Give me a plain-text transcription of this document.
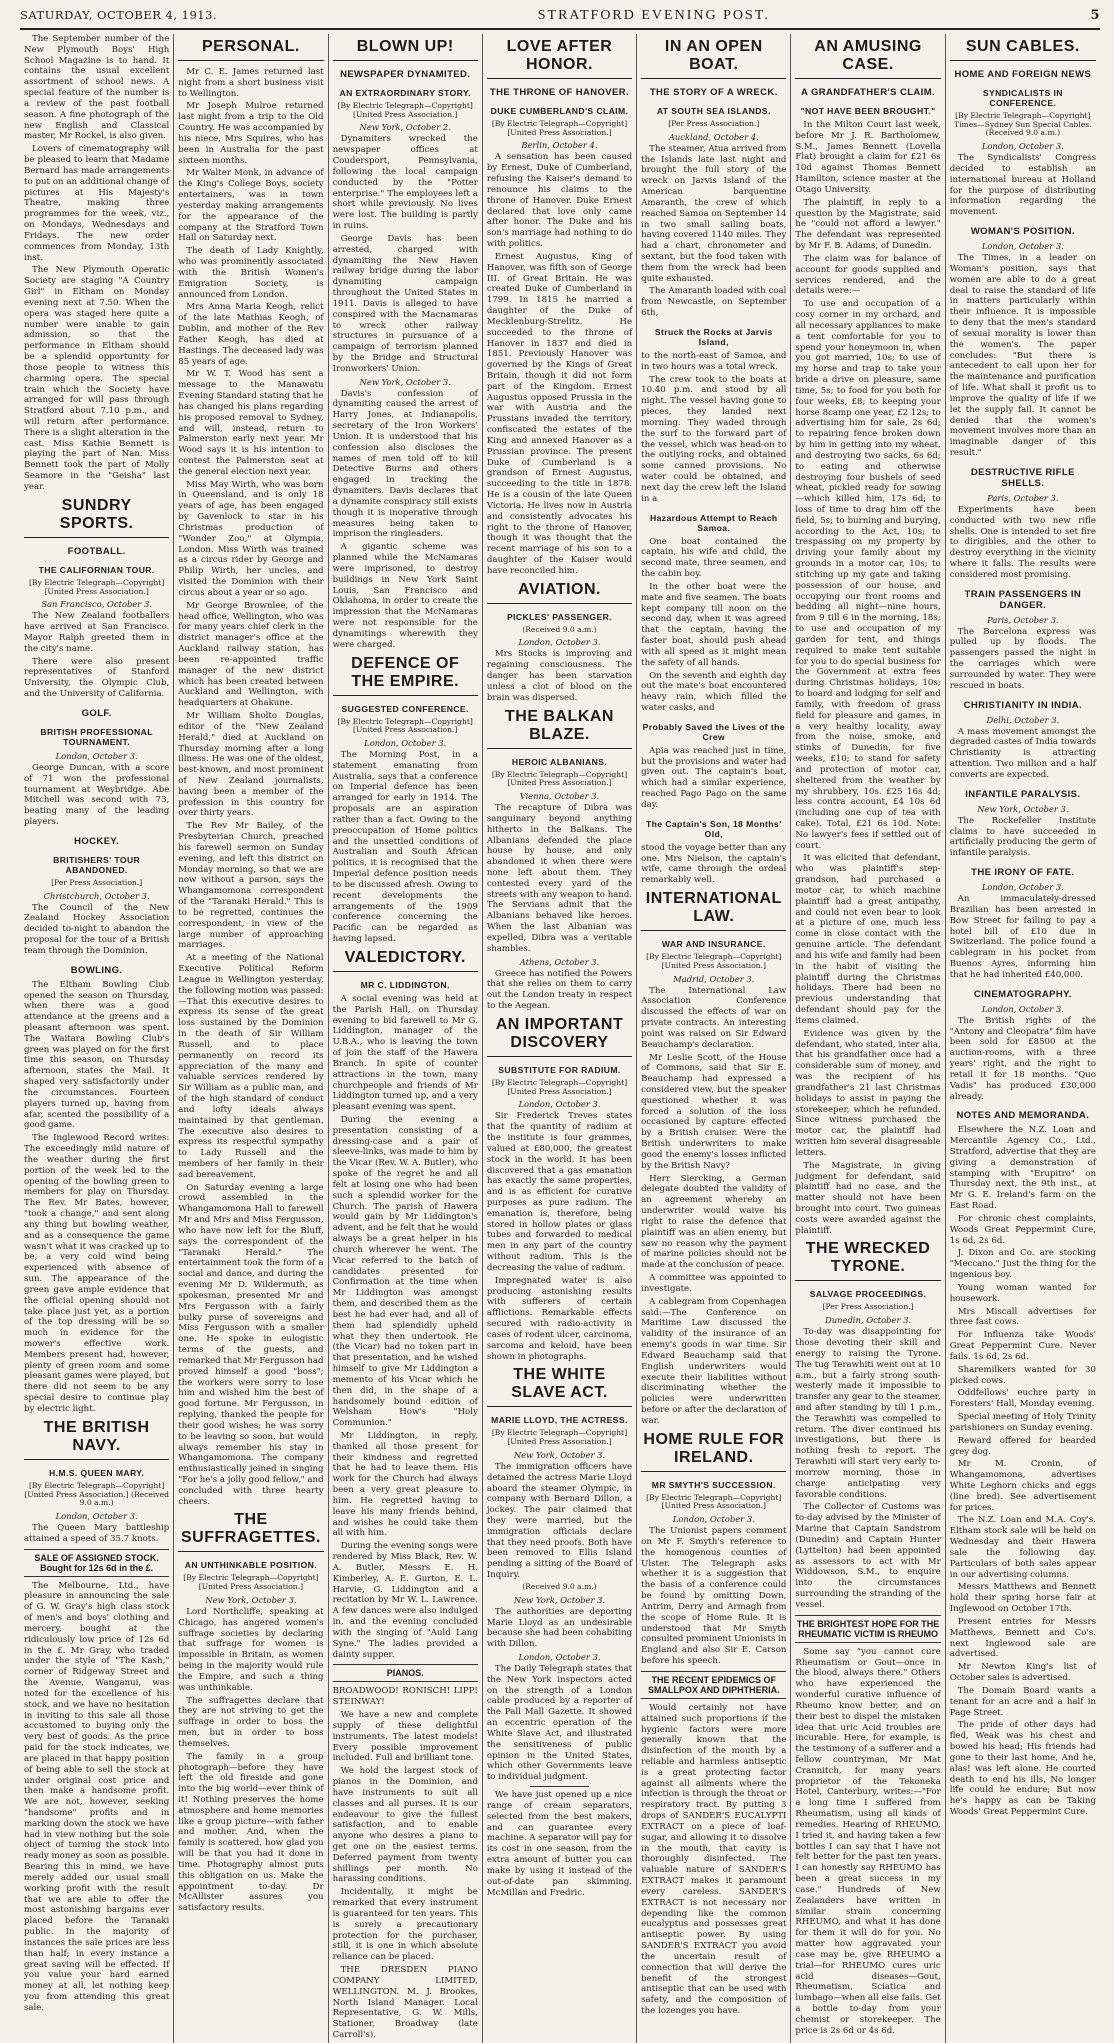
SATURDAY, OCTOBER 4, 1913.	STRATFORD EVENING POST.	5

The September number of the New Plymouth Boys' High School Magazine is to hand. It contains the usual excellent assortment of school news. A special feature of the number is a review of the past football season. A fine photograph of the new English and Classical master, Mr Rockel, is also given.

Lovers of cinematography will be pleased to learn that Madame Bernard has made arrangements to put on an additional change of pictures at His Majesty's Theatre, making three programmes for the week, viz., on Mondays, Wednesdays and Fridays. The new order commences from Monday, 13th inst.

The New Plymouth Operatic Society are staging "A Country Girl" in Eltham on Monday evening next at 7.50. When the opera was staged here quite a number were unable to gain admission, so that the performance in Eltham should be a splendid opportunity for those people to witness this charming opera. The special train which the Society have arranged for will pass through Stratford about 7.10 p.m., and will return after performance. There is a slight alteration in the cast. Miss Kathie Bennett is playing the part of Nan. Miss Bennett took the part of Molly Seamore in the "Geisha" last year.

SUNDRY SPORTS.
FOOTBALL.
THE CALIFORNIAN TOUR.
[By Electric Telegraph—Copyright] [United Press Association.]
San Francisco, October 3.

The New Zealand footballers have arrived at San Francisco. Mayor Ralph greeted them in the city's name.

There were also present representatives of Stanford University, the Olympic Club, and the University of California.

GOLF.
BRITISH PROFESSIONAL TOURNAMENT.
London, October 3.

George Duncan, with a score of 71 won the professional tournament at Weybridge. Abe Mitchell was second with 73, beating many of the leading players.

HOCKEY.
BRITISHERS' TOUR ABANDONED.
[Per Press Association.]
Christchurch, October 3.

The Council of the New Zealand Hockey Association decided to-night to abandon the proposal for the tour of a British team through the Dominion.

BOWLING.

The Eltham Bowling Club opened the season on Thursday, when there was a good attendance at the greens and a pleasant afternoon was spent. The Waitara Bowling Club's green was played on for the first time this season, on Thursday afternoon, states the Mail. It shaped very satisfactorily under the circumstances. Fourteen players turned up, having from afar, scented the possibility of a good game.

The Inglewood Record writes: The exceedingly mild nature of the weather during the first portion of the week led to the opening of the bowling green to members for play on Thursday. The Rev. Mr Bates, however, "took a change," and sent along any thing but bowling weather, and as a consequence the game wasn't what it was cracked up to be, a very cold wind being experienced with absence of sun. The appearance of the green gave ample evidence that the official opening should not take place just yet, as a portion of the top dressing will be so much in evidence for the mower's effective work. Members present had, however, plenty of green room and some pleasant games were played, but there did not seem to be any special desire to continue play by electric light.

THE BRITISH NAVY.
H.M.S. QUEEN MARY.
[By Electric Telegraph—Copyright] [United Press Association.] (Received 9.0 a.m.)
London, October 3.

The Queen Mary battleship attained a speed of 35.7 knots.

SALE OF ASSIGNED STOCK.
Bought for 12s 6d in the £.

The Melbourne, Ltd., have pleasure in announcing the sale of G. W. Gray's high class stock of men's and boys' clothing and mercery, bought at the ridiculously low price of 12s 6d in the £. Mr Gray, who traded under the style of "The Kash," corner of Ridgeway Street and the Avenue, Wanganui, was noted for the excellence of his stock, and we have no hesitation in inviting to this sale all those accustomed to buying only the very best of goods. As the price paid for the stock indicates, we are placed in that happy position of being able to sell the stock at under original cost price and then make a handsome profit. We are not, however, seeking "handsome" profits and in marking down the stock we have had in view nothing but the sole object of turning the stock into ready money as soon as possible. Bearing this in mind, we have merely added our usual small working profit with the result that we are able to offer the most astonishing bargains ever placed before the Taranaki public. In the majority of instances the sale prices are less than half; in every instance a great saving will be effected. If you value your hard earned money at all, let nothing keep you from attending this great sale.

PERSONAL.

Mr C. E. James returned last night from a short business visit to Wellington.

Mr Joseph Mulroe returned last night from a trip to the Old Country. He was accompanied by his niece, Mrs Squires, who has been in Australia for the past sixteen months.

Mr Walter Monk, in advance of the King's College Boys, society entertainers, was in town yesterday making arrangements for the appearance of the company at the Stratford Town Hall on Saturday next.

The death of Lady Knightly, who was prominently associated with the British Women's Emigration Society, is announced from London.

Mrs Anna Maria Keogh, relict of the late Mathias Keogh, of Dublin, and mother of the Rev Father Keogh, has died at Hastings. The deceased lady was 85 years of age.

Mr W. T. Wood has sent a message to the Manawatu Evening Standard stating that he has changed his plans regarding his proposed removal to Sydney, and will, instead, return to Palmerston early next year. Mr Wood says it is his intention to contest the Palmerston seat at the general election next year.

Miss May Wirth, who was born in Queensland, and is only 18 years of age, has been engaged by Gavenlock to star in his Christmas production of "Wonder Zoo," at Olympia, London. Miss Wirth was trained as a circus rider by George and Philip Wirth, her uncles, and visited the Dominion with their circus about a year or so ago.

Mr George Brownlee, of the head office, Wellington, who was for many years chief clerk in the district manager's office at the Auckland railway station, has been re-appointed traffic manager of the new district which has been created between Auckland and Wellington, with headquarters at Ohakune.

Mr William Sholto Douglas, editor of the "New Zealand Herald," died at Auckland on Thursday morning after a long illness. He was one of the oldest, best-known, and most prominent of New Zealand journalists, having been a member of the profession in this country for over thirty years.

The Rev Mr Bailey, of the Presbyterian Church, preached his farewell sermon on Sunday evening, and left this district on Monday morning, so that we are now without a parson, says the Whangamomona correspondent of the "Taranaki Herald." This is to be regretted, continues the correspondent, in view of the large number of approaching marriages.

At a meeting of the National Executive Political Reform League in Wellington yesterday, the following motion was passed:—That this executive desires to express its sense of the great loss sustained by the Dominion in the death of Sir William Russell, and to place permanently on record its appreciation of the many and valuable services rendered by Sir William as a public man, and of the high standard of conduct and lofty ideals always maintained by that gentleman. The executive also desires to express its respectful sympathy to Lady Russell and the members of her family in their sad bereavement.

On Saturday evening a large crowd assembled in the Whangamomona Hall to farewell Mr and Mrs and Miss Fergusson, who have now left for the Bluff, says the correspondent of the "Taranaki Herald." The entertainment took the form of a social and dance, and during the evening Mr D. Wildermuth, as spokesman, presented Mr and Mrs Fergusson with a fairly bulky purse of sovereigns and Miss Fergusson with a smaller one. He spoke in eulogistic terms of the guests, and remarked that Mr Fergusson had proved himself a good "boss"; the workers were sorry to lose him and wished him the best of good fortune. Mr Fergusson, in replying, thanked the people for their good wishes; he was sorry to be leaving so soon, but would always remember his stay in Whangamomona. The company enthusiastically joined in singing "For he's a jolly good fellow," and concluded with three hearty cheers.

THE SUFFRAGETTES.
AN UNTHINKABLE POSITION.
[By Electric Telegraph—Copyright] [United Press Association.]
New York, October 3.

Lord Northcliffe, speaking at Chicago, has angered women's suffrage societies by declaring that suffrage for women is impossible in Britain, as women being in the majority would rule the Empire, and such a thing was unthinkable.

The suffragettes declare that they are not striving to get the suffrage in order to boss the men, but in order to boss themselves.

The family in a group photograph—before they have left the old fireside and gone into the big world—ever think of it! Nothing preserves the home atmosphere and home memories like a group picture—with father and mother. And, when the family is scattered, how glad you will be that you had it done in time. Photography almost puts this obligation on us. Make the appointment to-day. Dr McAllister assures you satisfactory results.

BLOWN UP!
NEWSPAPER DYNAMITED.
AN EXTRAORDINARY STORY.
[By Electric Telegraph—Copyright] [United Press Association.]
New York, October 2.

Dynamiters wrecked the newspaper offices at Coudersport, Pennsylvania, following the local campaign conducted by the "Potter enterprise." The employees left a short while previously. No lives were lost. The building is partly in ruins.

George Davis has been arrested, charged with dynamiting the New Haven railway bridge during the labor dynamiting campaign throughout the United States in 1911. Davis is alleged to have conspired with the Macnamaras to wreck other railway structures in pursuance of a campaign of terrorism planned by the Bridge and Structural Ironworkers' Union.

New York, October 3.

Davis's confession of dynamiting caused the arrest of Harry Jones, at Indianapolis, secretary of the Iron Workers' Union. It is understood that his confession also discloses the names of men told off to kill Detective Burns and others engaged in tracking the dynamiters. Davis declares that a dynamite conspiracy still exists though it is inoperative through measures being taken to imprison the ringleaders.

A gigantic scheme was planned while the McNamaras were imprisoned, to destroy buildings in New York Saint Louis, San Francisco and Oklahoma, in order to create the impression that the McNamaras were not responsible for the dynamitings wherewith they were charged.

DEFENCE OF THE EMPIRE.
SUGGESTED CONFERENCE.
[By Electric Telegraph—Copyright] [United Press Association.]
London, October 3.

The Morning Post, in a statement emanating from Australia, says that a conference on Imperial defence has been arranged for early in 1914. The proposals are an aspiration rather than a fact. Owing to the preoccupation of Home politics and the unsettled conditions of Australian and South African politics, it is recognised that the Imperial defence position needs to be discussed afresh. Owing to recent developments the arrangements of the 1909 conference concerning the Pacific can be regarded as having lapsed.

VALEDICTORY.
MR C. LIDDINGTON.

A social evening was held at the Parish Hall, on Thursday evening to bid farewell to Mr G. Liddington, manager of the U.B.A., who is leaving the town of join the staff of the Hawera Branch. In spite of counter attractions in the town, many churchpeople and friends of Mr Liddington turned up, and a very pleasant evening was spent.

During the evening a presentation consisting of a dressing-case and a pair of sleeve-links, was made to him by the Vicar (Rev. W. A. Butler), who spoke of the regret he and all felt at losing one who had been such a splendid worker for the Church. The parish of Hawera would gain by Mr Liddington's advent, and he felt that he would always be a great helper in his church wherever he went. The Vicar referred to the batch of candidates presented for Confirmation at the time when Mr Liddington was amongst them, and described them as the best he had ever had, and all of them had splendidly upheld what they then undertook. He (the Vicar) had no token part in that presentation, and he wished himself to give Mr Liddington a memento of his Vicar which he then did, in the shape of a handsomely bound edition of Welsham How's "Holy Communion."

Mr Liddington, in reply, thanked all those present for their kindness and regretted that he had to leave them. His work for the Church had always been a very great pleasure to him. He regretted having to leave his many friends behind, and wishes he could take them all with him.

During the evening songs were rendered by Miss Black, Rev. W. A. Butler, Messrs E. H. Kimberley, A. E. Gurton, E. L. Harvie, G. Liddington and a recitation by Mr W. L. Lawrence. A few dances were also indulged in, and the evening concluded with the singing of "Auld Lang Syne." The ladies provided a dainty supper.

PIANOS.

BROADWOOD! RONISCH! LIPP! STEINWAY!

We have a new and complete supply of these delightful instruments. The latest models! Every possible improvement included. Full and brilliant tone.

We hold the largest stock of pianos in the Dominion, and have instruments to suit all classes and all purses. It is our endeavour to give the fullest satisfaction, and to enable anyone who desires a piano to get one on the easiest terms. Deferred payment from twenty shillings per month. No harassing conditions.

Incidentally, it might be remarked that every instrument is guaranteed for ten years. This is surely a precautionary protection for the purchaser, still, it is one in which absolute reliance can be placed.

THE DRESDEN PIANO COMPANY LIMITED, WELLINGTON. M. J. Brookes, North Island Manager. Local Representative, G. W. Mills, Stationer, Broadway (late Carroll's).

LOVE AFTER HONOR.
THE THRONE OF HANOVER.
DUKE CUMBERLAND'S CLAIM.
[By Electric Telegraph—Copyright] [United Press Association.]
Berlin, October 4.

A sensation has been caused by Ernest, Duke of Cumberland, refusing the Kaiser's demand to renounce his claims to the throne of Hanover. Duke Ernest declared that love only came after honor. The Duke and his son's marriage had nothing to do with politics.

Ernest Augustus, King of Hanover, was fifth son of George III. of Great Britain. He was created Duke of Cumberland in 1799. In 1815 he married a daughter of the Duke of Mecklenburg-Strelitz. He succeeded to the throne of Hanover in 1837 and died in 1851. Previously Hanover was governed by the Kings of Great Britain, though it did not form part of the Kingdom. Ernest Augustus opposed Prussia in the war with Austria and the Prussians invaded the territory, confiscated the estates of the King and annexed Hanover as a Prussian province. The present Duke of Cumberland is a grandson of Ernest Augustus, succeeding to the title in 1878. He is a cousin of the late Queen Victoria. He lives now in Austria and consistently advocates his right to the throne of Hanover, though it was thought that the recent marriage of his son to a daughter of the Kaiser would have reconciled him.

AVIATION.
PICKLES' PASSENGER.
(Received 9.0 a.m.)
London, October 3.

Mrs Stocks is improving and regaining consciousness. The danger has been starvation unless a clot of blood on the brain was dispersed.

THE BALKAN BLAZE.
HEROIC ALBANIANS.
[By Electric Telegraph—Copyright] [United Press Association.]
Vienna, October 3.

The recapture of Dibra was sanguinary beyond anything hitherto in the Balkans. The Albanians defended the place house by house, and only abandoned it when there were none left about them. They contested every yard of the streets with any weapon to hand. The Servians admit that the Albanians behaved like heroes. When the last Albanian was expelled, Dibra was a veritable shambles.

Athens, October 3.

Greece has notified the Powers that she relies on them to carry out the London treaty in respect to the Aegean.

AN IMPORTANT DISCOVERY
SUBSTITUTE FOR RADIUM.
[By Electric Telegraph—Copyright] [United Press Association.]
London, October 3.

Sir Frederick Treves states that the quantity of radium at the institute is four grammes, valued at £80,000, the greatest stock in the world. It has been discovered that a gas emanation has exactly the same properties, and is as efficient for curative purposes as pure radium. The emanation is, therefore, being stored in hollow plates or glass tubes and forwarded to medical men in any part of the country without radium. This is the decreasing the value of radium.

Impregnated water is also producing astonishing results with sufferers of certain afflictions. Remarkable effects secured with radio-activity in cases of rodent ulcer, carcinoma, sarcoma and keloid, have been shown in photographs.

THE WHITE SLAVE ACT.
MARIE LLOYD, THE ACTRESS.
[By Electric Telegraph—Copyright] [United Press Association.]
New York, October 3.

The immigration officers have detained the actress Marie Lloyd aboard the steamer Olympic, in company with Bernard Dillon, a jockey. The pair claimed that they were married, but the immigration officials declare that they need proofs. Both have been removed to Ellis Island pending a sitting of the Board of Inquiry.

(Received 9.0 a.m.)
New York, October 3.

The authorities are deporting Marie Lloyd as an undesirable because she had been cohabiting with Dillon.

London, October 3.

The Daily Telegraph states that the New York inspectors acted on the strength of a London cable produced by a reporter of the Pall Mall Gazette. It showed an eccentric operation of the White Slave Act, and illustrated the sensitiveness of public opinion in the United States, which other Governments leave to individual judgment.

We have just opened up a nice range of cream separators, selected from the best makers, and can guarantee every machine. A separator will pay for its cost in one season, from the extra amount of butter you can make by using it instead of the out-of-date pan skimming. McMillan and Fredric.

IN AN OPEN BOAT.
THE STORY OF A WRECK.
AT SOUTH SEA ISLANDS.
[Per Press Association.]
Auckland, October 4.

The steamer, Atua arrived from the Islands late last night and brought the full story of the wreck on Jarvis Island of the American barquentine Amaranth, the crew of which reached Samoa on September 14 in two small sailing boats, having covered 1140 miles. They had a chart, chronometer and sextant, but the food taken with them from the wreck had been quite exhausted.

The Amaranth loaded with coal from Newcastle, on September 6th,

Struck the Rocks at Jarvis Island,

to the north-east of Samoa, and in two hours was a total wreck.

The crew took to the boats at 10.40 p.m. and stood by all night. The vessel having gone to pieces, they landed next morning. They waded through the surf to the forward part of the vessel, which was head-on to the outlying rocks, and obtained some canned provisions. No water could be obtained, and next day the crew left the Island in a

Hazardous Attempt to Reach Samoa.

One boat contained the captain, his wife and child, the second mate, three seamen, and the cabin boy.

In the other boat were the mate and five seamen. The boats kept company till noon on the second day, when it was agreed that the captain, having the faster boat, should push ahead with all speed as it might mean the safety of all hands.

On the seventh and eighth day out the mate's boat encountered heavy rain, which filled the water casks, and

Probably Saved the Lives of the Crew

Apia was reached just in time, but the provisions and water had given out. The captain's boat, which had a similar experience, reached Pago Pago on the same day.

The Captain's Son, 18 Months' Old,

stood the voyage better than any one. Mrs Nielson, the captain's wife, came through the ordeal remarkably well.

INTERNATIONAL LAW.
WAR AND INSURANCE.
[By Electric Telegraph—Copyright] [United Press Association.]
Madrid, October 3.

The International Law Association Conference discussed the effects of war on private contracts. An interesting point was raised on Sir Edward Beauchamp's declaration.

Mr Leslie Scott, of the House of Commons, said that Sir E. Beauchamp had expressed a considered view, but the speaker questioned whether it was forced a solution of the loss occasioned by capture effected by a British cruiser. Were the British underwriters to make good the enemy's losses inflicted by the British Navy?

Herr Siercking, a German delegate doubted the validity of an agreement whereby an underwriter would waive his right to raise the defence that plaintiff was an alien enemy, but saw no reason why the payment of marine policies should not be made at the conclusion of peace.

A committee was appointed to investigate.

A cablegram from Copenhagen said:—The Conference on Maritime Law discussed the validity of the insurance of an enemy's goods in war time. Sir Edward Beauchamp said that English underwriters would execute their liabilities without discriminating whether the policies were underwritten before or after the declaration of war.

HOME RULE FOR IRELAND.
MR SMYTH'S SUCCESSION.
[By Electric Telegraph—Copyright] [United Press Association.]
London, October 3.

The Unionist papers comment on Mr F. Smyth's reference to the homogenous counties of Ulster. The Telegraph asks whether it is a suggestion that the basis of a conference could be found by omitting Down, Antrim, Derry and Armagh from the scope of Home Rule. It is understood that Mr Smyth consulted prominent Unionists in England and also Sir E. Carson before his speech.

THE RECENT EPIDEMICS OF SMALLPOX AND DIPHTHERIA.

Would certainly not have attained such proportions if the hygienic factors were more generally known that the disinfection of the mouth by a reliable and harmless antiseptic is a great protecting factor against all ailments where the infection is through the throat or respiratory tract. By putting 3 drops of SANDER'S EUCALYPTI EXTRACT on a piece of loaf-sugar, and allowing it to dissolve in the mouth, that cavity is thoroughly disinfected. The valuable nature of SANDER'S EXTRACT makes it paramount every careless. SANDER'S EXTRACT is not necessary nor depending like the common eucalyptus and possesses great antiseptic power. By using SANDER'S EXTRACT you avoid the uncertain result of connection that will derive the benefit of the strongest antiseptic that can be used with safety, and the composition of the lozenges you have.

AN AMUSING CASE.
A GRANDFATHER'S CLAIM.
"NOT HAVE BEEN BROUGHT."

In the Milton Court last week, before Mr J. R. Bartholomew, S.M., James Bennett (Lovella Flat) brought a claim for £21 6s 10d against Thomas Bennett Hamilton, science master at the Otago University.

The plaintiff, in reply to a question by the Magistrate, said he "could not afford a lawyer." The defendant was represented by Mr F. B. Adams, of Dunedin.

The claim was for balance of account for goods supplied and services rendered, and the details were:—

To use and occupation of a cosy corner in my orchard, and all necessary appliances to make a tent comfortable for you to spend your honeymoon in, when you got married, 10s; to use of my horse and trap to take your bride a drive on pleasure, same time, 5s; to food for you both for four weeks, £8; to keeping your horse 8camp one year, £2 12s; to advertising him for sale, 2s 6d; to repairing fence broken down by him in getting into my wheat, and destroying two sacks, 6s 6d; to eating and otherwise destroying four bushels of seed wheat, pickled ready for sowing—which killed him, 17s 6d; to loss of time to drag him off the field, 5s; to burning and burying, according to the Act, 10s; to trespassing on my property by driving your family about my grounds in a motor car, 10s; to stitching up my gate and taking possession of our house, and occupying our front rooms and bedding all night—nine hours, from 9 till 6 in the morning, 18s; to use and occupation of my garden for tent, and things required to make tent suitable for you to do special business for the Government at extra fees during Christmas holidays, 10s; to board and lodging for self and family, with freedom of grass field for pleasure and games, in a very healthy locality, away from the noise, smoke, and stinks of Dunedin, for five weeks, £10; to stand for safety and protection of motor car, sheltered from the weather by my shrubbery, 10s. £25 16s 4d; less contra account, £4 10s 6d (including one cup of tea with cake). Total, £21 6s 10d. Note: No lawyer's fees if settled out of court.

It was elicited that defendant, who was plaintiff's step-grandson, had purchased a motor car, to which machine plaintiff had a great antipathy, and could not even bear to look at a picture of one, much less come in close contact with the genuine article. The defendant and his wife and family had been in the habit of visiting the plaintiff during the Christmas holidays. There had been no previous understanding that defendant should pay for the items claimed.

Evidence was given by the defendant, who stated, inter alia, that his grandfather once had a considerable sum of money, and was the recipient of his grandfather's 21 last Christmas holidays to assist in paying the storekeeper, which he refunded. Since witness purchased the motor car, the plaintiff had written him several disagreeable letters.

The Magistrate, in giving judgment for defendant, said plaintiff had no case, and the matter should not have been brought into court. Two guineas costs were awarded against the plaintiff.

THE WRECKED TYRONE.
SALVAGE PROCEEDINGS.
[Per Press Association.]
Dunedin, October 3.

To-day was disappointing for those devoting their skill and energy to raising the Tyrone. The tug Terawhiti went out at 10 a.m., but a fairly strong south-westerly made it impossible to transfer any gear to the steamer, and after standing by till 1 p.m., the Terawhiti was compelled to return. The diver continued his investigations, but there is nothing fresh to report. The Terawhiti will start very early to-morrow morning, those in charge anticipating very favorable conditions.

The Collector of Customs was to-day advised by the Minister of Marine that Captain Sandstrom (Dunedin) and Captain Hunter (Lyttelton) had been appointed as assessors to act with Mr Widdowson, S.M., to enquire into the circumstances surrounding the stranding of the vessel.

THE BRIGHTEST HOPE FOR THE RHEUMATIC VICTIM IS RHEUMO

Some say "you cannot cure Rheumatism or Gout—once in the blood, always there." Others who have experienced the wonderful curative influence of Rheumo know better, and on their best to dispel the mistaken idea that uric Acid troubles are incurable. Here, for example, is the testimony of a sufferer and a fellow countryman, Mr Mat Crannitch, for many years proprietor of the Tekoneka Hotel, Canterbury, writes:—"For a long time I suffered from Rheumatism, using all kinds of remedies. Hearing of RHEUMO, I tried it, and having taken a few bottles I can say that I have not felt better for the past ten years. I can honestly say RHEUMO has been a great success in my case." Hundreds of New Zealanders have written in similar strain concerning RHEUMO, and what it has done for them it will do for you. No matter how aggravated your case may be, give RHEUMO a trial—for RHEUMO cures uric acid diseases—Gout, Rheumatism, Sciatica and lumbago—when all else fails. Get a bottle to-day from your chemist or storekeeper. The price is 2s 6d or 4s 6d.

SUN CABLES.
HOME AND FOREIGN NEWS
SYNDICALISTS IN CONFERENCE.
[By Electric Telegraph—Copyright] Times—Sydney Sun Special Cables. (Received 9.0 a.m.)
London, October 3.

The Syndicalists' Congress decided to establish an international bureau at Holland for the purpose of distributing information regarding the movement.

WOMAN'S POSITION.
London, October 3.

The Times, in a leader on Woman's position, says that women are able to do a great deal to raise the standard of life in matters particularly within their influence. It is impossible to deny that the men's standard of sexual morality is lower than the women's. The paper concludes: "But there is antecedent to call upon her for the maintenance and purification of life. What shall it profit us to improve the quality of life if we let the supply fail. It cannot be denied that the women's movement involves more than an imaginable danger of this result."

DESTRUCTIVE RIFLE SHELLS.
Paris, October 3.

Experiments have been conducted with two new rifle shells. One is intended to set fire to dirigibles, and the other to destroy everything in the vicinity where it falls. The results were considered most promising.

TRAIN PASSENGERS IN DANGER.
Paris, October 3.

The Barcelona express was pulled up by floods. The passengers passed the night in the carriages which were surrounded by water. They were rescued in boats.

CHRISTIANITY IN INDIA.
Delhi, October 3.

A mass movement amongst the degraded castes of India towards Christianity is attracting attention. Two million and a half converts are expected.

INFANTILE PARALYSIS.
New York, October 3.

The Rockefeller Institute claims to have succeeded in artificially producing the germ of infantile paralysis.

THE IRONY OF FATE.
London, October 3.

An immaculately-dressed Brazilian has been arrested in Bow Street for failing to pay a hotel bill of £10 due in Switzerland. The police found a cablegram in his pocket from Buenos Ayres, informing him that he had inherited £40,000.

CINEMATOGRAPHY.
London, October 3.

The British rights of the "Antony and Cleopatra" film have been sold for £8500 at the auction-rooms, with a three years' right, and the right to retail it for 18 months. "Quo Vadis" has produced £30,000 already.

NOTES AND MEMORANDA.

Elsewhere the N.Z. Loan and Mercantile Agency Co., Ltd., Stratford, advertise that they are giving a demonstration of stamping with "Erupitro" on Thursday next, the 9th inst., at Mr G. E. Ireland's farm on the East Road.

For chronic chest complaints, Woods Great Peppermint Cure, 1s 6d, 2s 6d.

J. Dixon and Co. are stocking "Meccano." Just the thing for the ingenious boy.

Young woman wanted for housework.

Mrs Miscall advertises for three fast cows.

For Influenza take Woods' Great Peppermint Cure. Never fails. 1s 6d, 2s 6d.

Sharemilkers wanted for 30 picked cows.

Oddfellows' euchre party in Foresters' Hall, Monday evening.

Special meeting of Holy Trinity parishioners on Sunday evening.

Reward offered for bearded grey dog.

Mr M. Cronin, of Whangamomona, advertises White Leghorn chicks and eggs (line bred). See advertisement for prices.

The N.Z. Loan and M.A. Coy's. Eltham stock sale will be held on Wednesday and their Hawera sale the following day. Particulars of both sales appear in our advertising columns.

Messrs Matthews and Bennett hold their spring horse fair at Inglewood on October 17th.

Present entries for Messrs Matthews, Bennett and Co's. next Inglewood sale are advertised.

Mr Newton King's list of October sales is advertised.

The Domain Board wants a tenant for an acre and a half in Page Street.

The pride of other days had fled, Weak was his chest and bowed his head; His friends had gone to their last home, And he, alas! was left alone. He courted death to end his ills, No longer life could he endure; But now he's happy as can be Taking Woods' Great Peppermint Cure.
